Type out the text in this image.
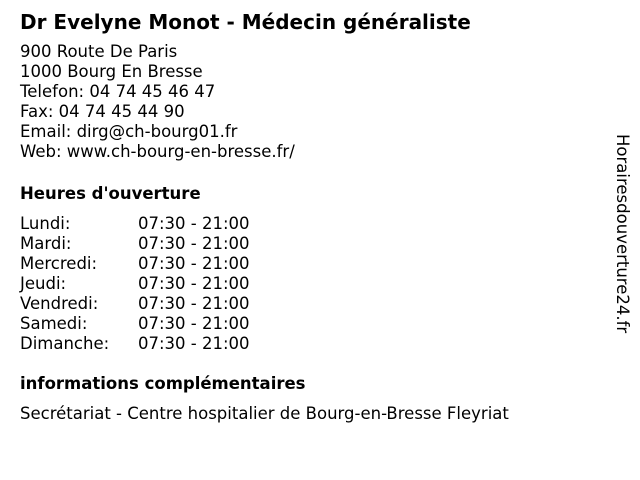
Dr Evelyne Monot - Médecin généraliste
900 Route De Paris
1000 Bourg En Bresse
Telefon: 04 74 45 46 47
Fax: 04 74 45 44 90
Email: dirg@ch-bourg01.fr
Web: www.ch-bourg-en-bresse.fr/
Heures d'ouverture
Lundi:	07:30 - 21:00
Mardi:	07:30 - 21:00
Mercredi:	07:30 - 21:00
Jeudi:	07:30 - 21:00
Vendredi:	07:30 - 21:00
Samedi:	07:30 - 21:00
Dimanche:	07:30 - 21:00
informations complémentaires
Secrétariat - Centre hospitalier de Bourg-en-Bresse Fleyriat
Horairesdouverture24.fr
